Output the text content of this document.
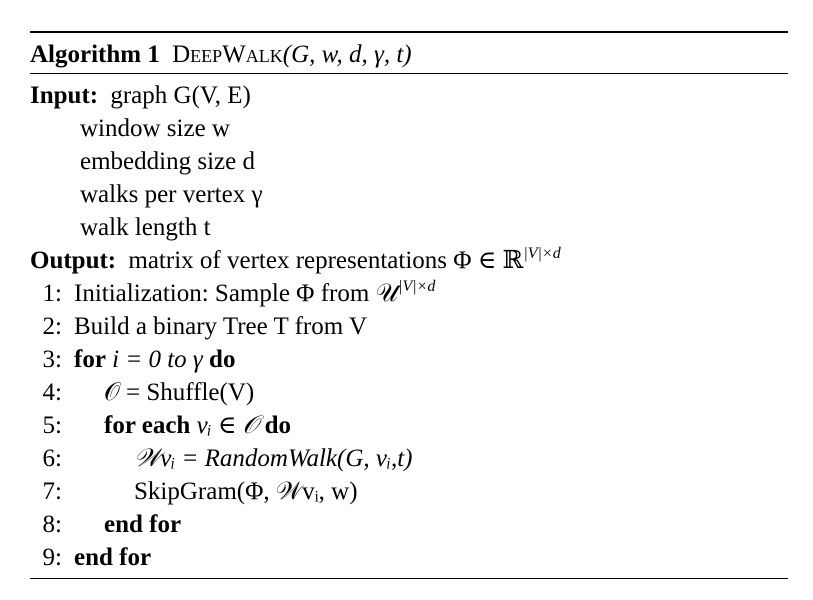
Algorithm 1 DeepWalk(G, w, d, γ, t)
Input: graph G(V, E)
window size w
embedding size d
walks per vertex γ
walk length t
Output: matrix of vertex representations Φ ∈ ℝ$^{|V|\times d}$
1: Initialization: Sample Φ from 𝒰$^{|V|\times d}$
2: Build a binary Tree T from V
3: for i = 0 to γ do
4: 𝒪 = Shuffle(V)
5: for each vᵢ ∈ 𝒪 do
6:	𝒲vᵢ = RandomWalk(G, vᵢ,t)
7:	SkipGram(Φ, 𝒲vᵢ, w)
8: end for
9: end for
